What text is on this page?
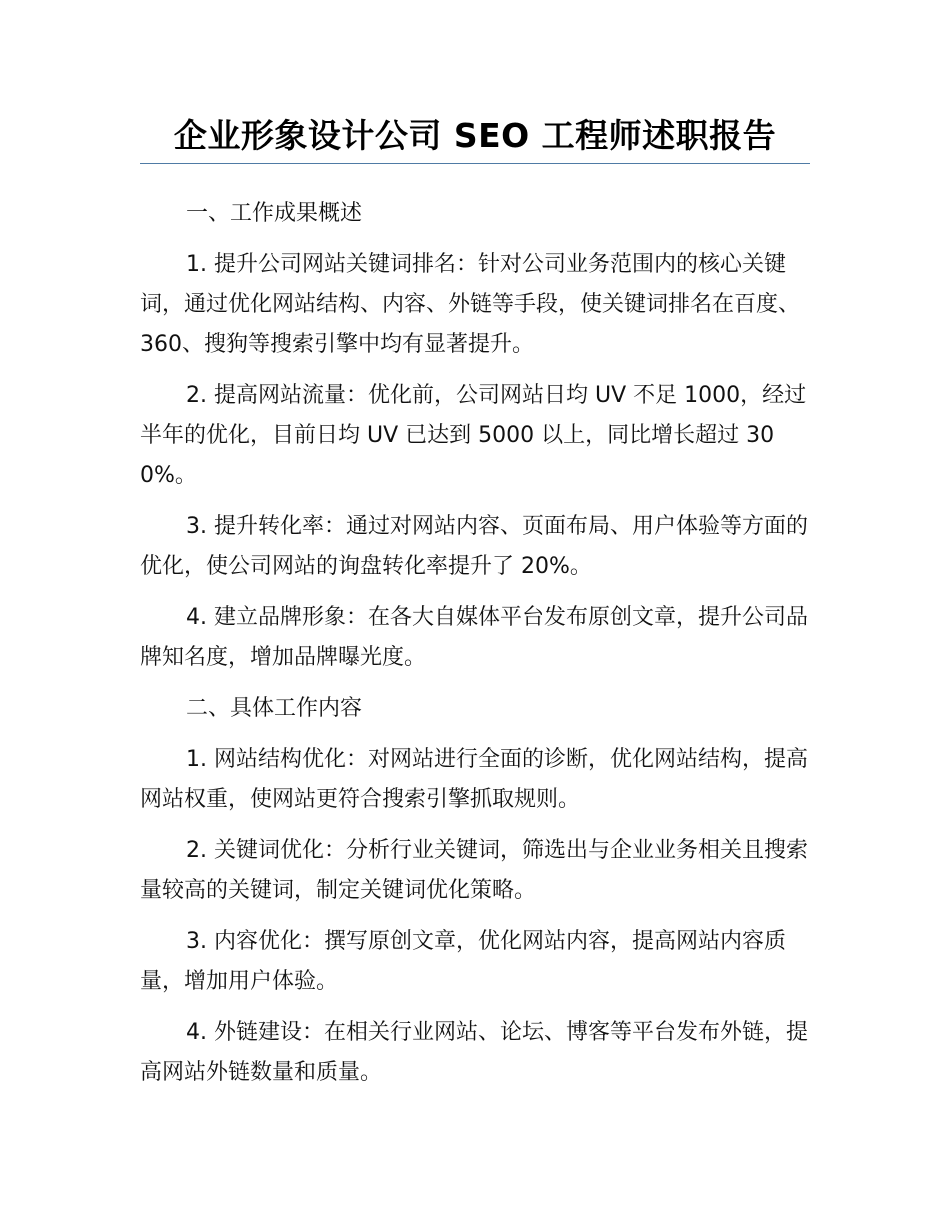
企业形象设计公司 SEO 工程师述职报告

一、工作成果概述

1. 提升公司网站关键词排名：针对公司业务范围内的核心关键词，通过优化网站结构、内容、外链等手段，使关键词排名在百度、360、搜狗等搜索引擎中均有显著提升。

2. 提高网站流量：优化前，公司网站日均 UV 不足 1000，经过半年的优化，目前日均 UV 已达到 5000 以上，同比增长超过 300%。

3. 提升转化率：通过对网站内容、页面布局、用户体验等方面的优化，使公司网站的询盘转化率提升了 20%。

4. 建立品牌形象：在各大自媒体平台发布原创文章，提升公司品牌知名度，增加品牌曝光度。

二、具体工作内容

1. 网站结构优化：对网站进行全面的诊断，优化网站结构，提高网站权重，使网站更符合搜索引擎抓取规则。

2. 关键词优化：分析行业关键词，筛选出与企业业务相关且搜索量较高的关键词，制定关键词优化策略。

3. 内容优化：撰写原创文章，优化网站内容，提高网站内容质量，增加用户体验。

4. 外链建设：在相关行业网站、论坛、博客等平台发布外链，提高网站外链数量和质量。
